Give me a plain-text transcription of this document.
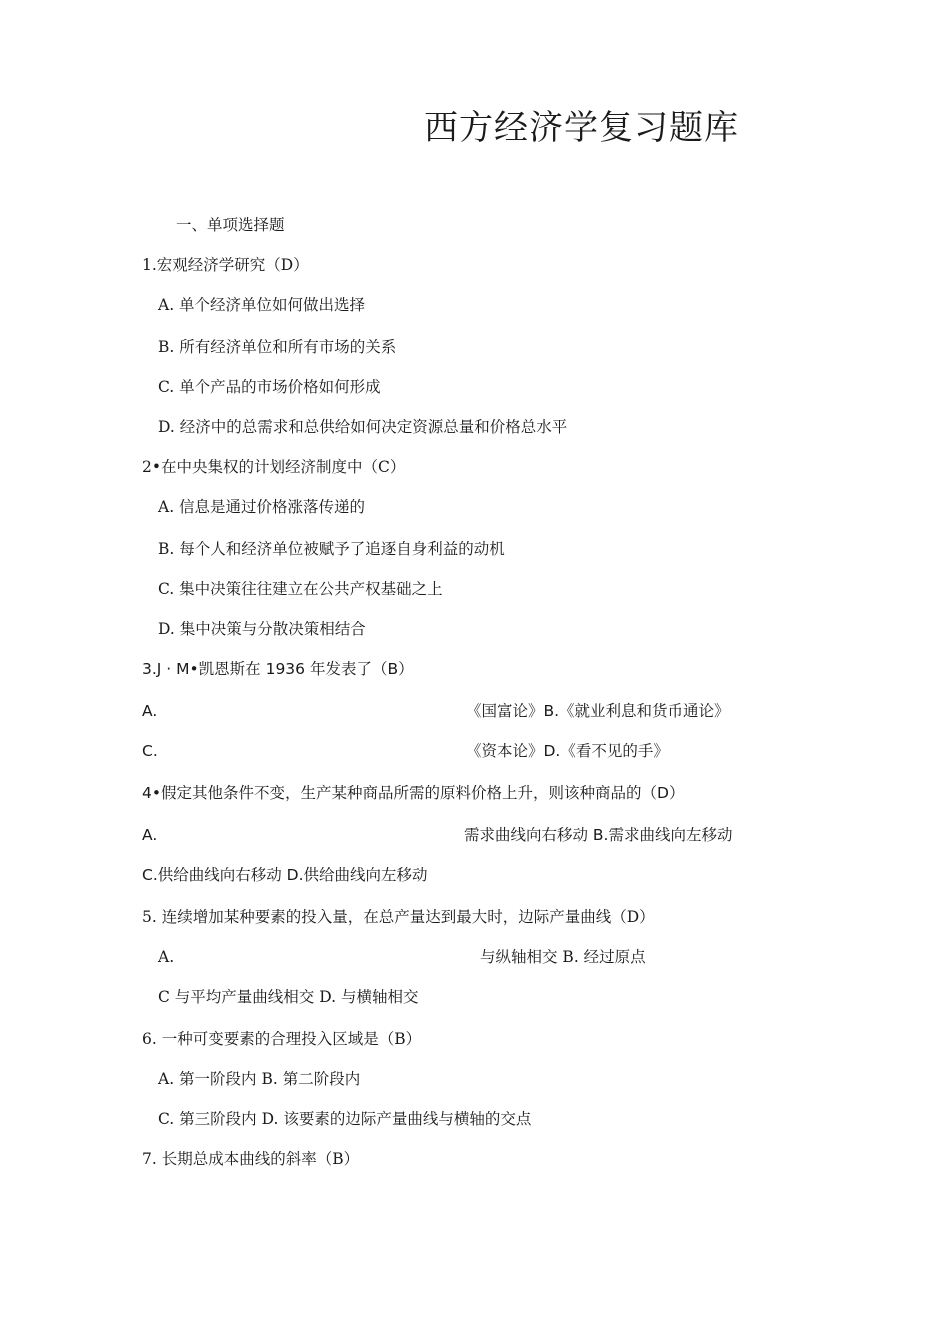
西方经济学复习题库
一、单项选择题
1.宏观经济学研究（D）
A. 单个经济单位如何做出选择
B. 所有经济单位和所有市场的关系
C. 单个产品的市场价格如何形成
D. 经济中的总需求和总供给如何决定资源总量和价格总水平
2•在中央集权的计划经济制度中（C）
A. 信息是通过价格涨落传递的
B. 每个人和经济单位被赋予了追逐自身利益的动机
C. 集中决策往往建立在公共产权基础之上
D. 集中决策与分散决策相结合
3.J · M•凯恩斯在 1936 年发表了（B）
A.	《国富论》B.《就业利息和货币通论》
C.	《资本论》D.《看不见的手》
4•假定其他条件不变，生产某种商品所需的原料价格上升，则该种商品的（D）
A.	需求曲线向右移动 B.需求曲线向左移动
C.供给曲线向右移动 D.供给曲线向左移动
5. 连续增加某种要素的投入量，在总产量达到最大时，边际产量曲线（D）
A.	与纵轴相交 B. 经过原点
C 与平均产量曲线相交 D. 与横轴相交
6. 一种可变要素的合理投入区域是（B）
A. 第一阶段内 B. 第二阶段内
C. 第三阶段内 D. 该要素的边际产量曲线与横轴的交点
7. 长期总成本曲线的斜率（B）
